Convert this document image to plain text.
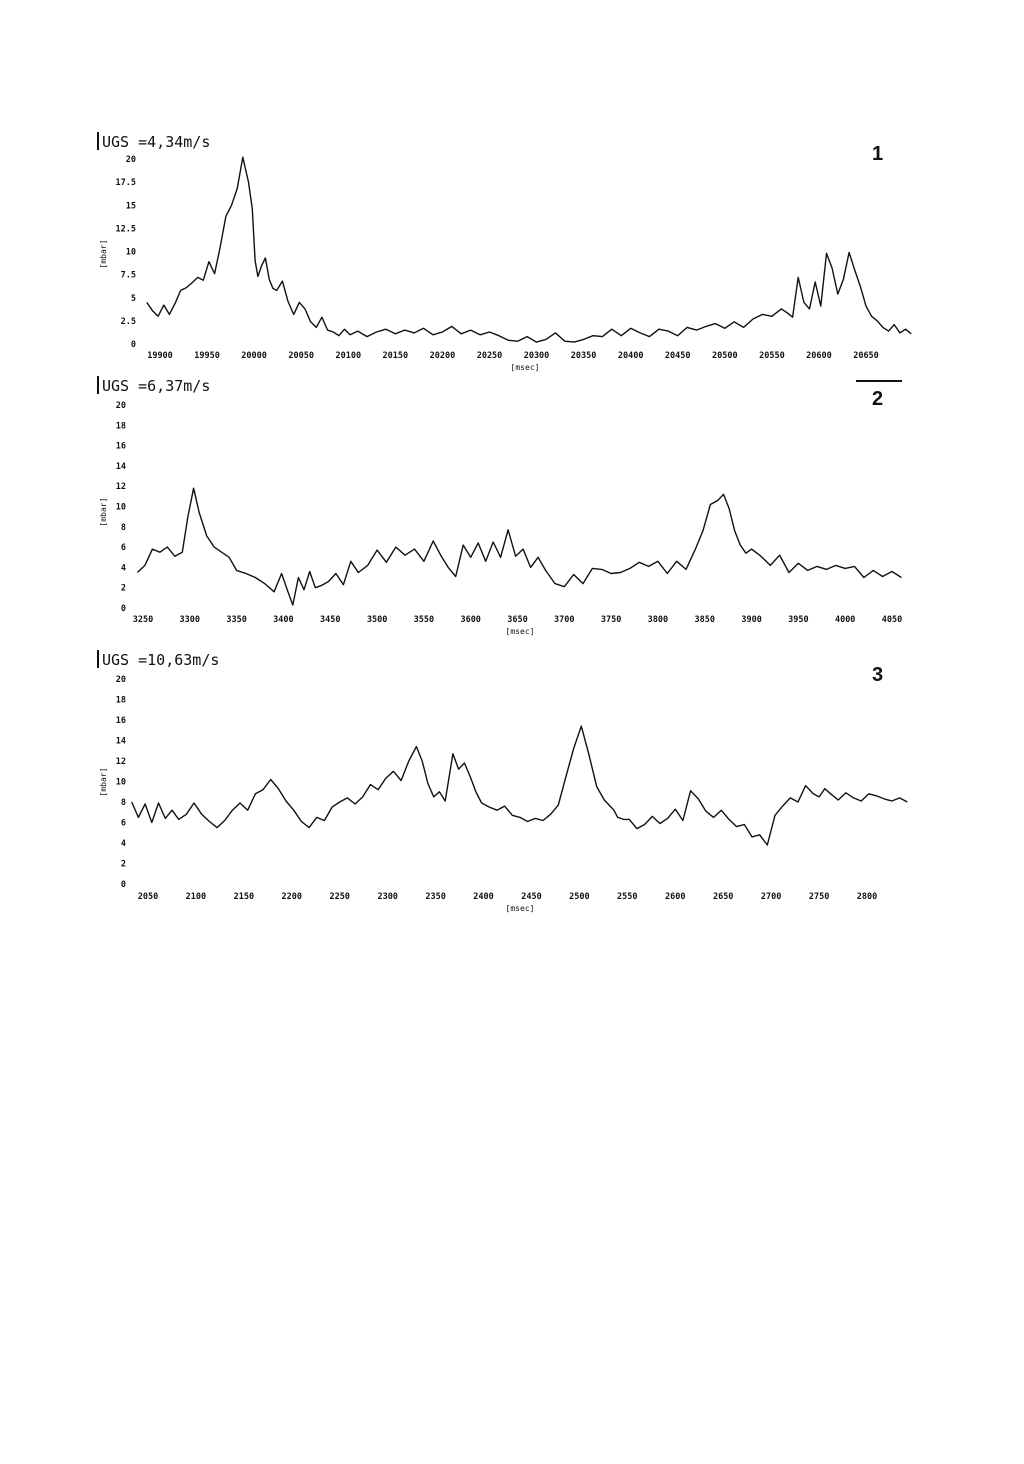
UGS =4,34m/s
1
[mbar]
[msec]
19900	19950	20000	20050	20100	20150	20200	20250	20300	20350	20400	20450	20500	20550	20600	20650
0
2.5
5
7.5
10
12.5
15
17.5
20
UGS =6,37m/s
2
[mbar]
[msec]
3250	3300	3350	3400	3450	3500	3550	3600	3650	3700	3750	3800	3850	3900	3950	4000	4050
0
2
4
6
8
10
12
14
16
18
20
UGS =10,63m/s
3
[mbar]
[msec]
2050	2100	2150	2200	2250	2300	2350	2400	2450	2500	2550	2600	2650	2700	2750	2800
0
2
4
6
8
10
12
14
16
18
20
